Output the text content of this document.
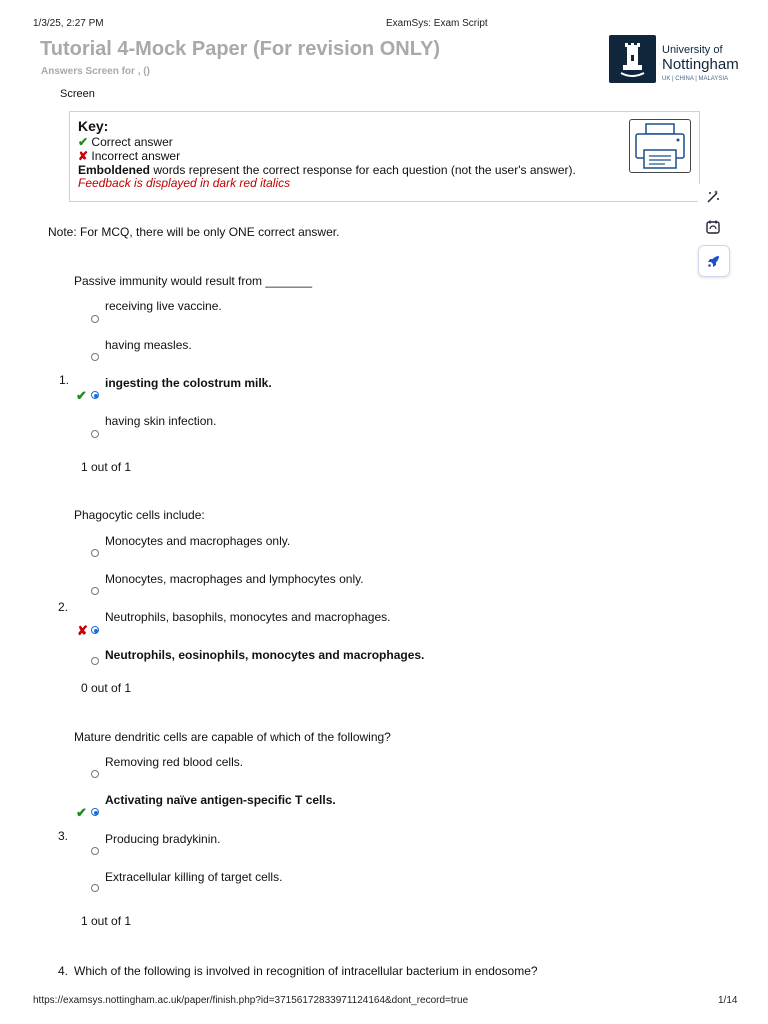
1/3/25, 2:27 PM	ExamSys: Exam Script
https://examsys.nottingham.ac.uk/paper/finish.php?id=37156172833971124164&dont_record=true	1/14
Tutorial 4-Mock Paper (For revision ONLY)
Answers Screen for , ()
Screen
University of
Nottingham
UK | CHINA | MALAYSIA
Key:
✔ Correct answer
✘ Incorrect answer
Emboldened words represent the correct response for each question (not the user's answer).
Feedback is displayed in dark red italics
Note: For MCQ, there will be only ONE correct answer.
Passive immunity would result from _______
1.
receiving live vaccine.
having measles.
ingesting the colostrum milk.
✔
having skin infection.
1 out of 1
Phagocytic cells include:
2.
Monocytes and macrophages only.
Monocytes, macrophages and lymphocytes only.
Neutrophils, basophils, monocytes and macrophages.
✘
Neutrophils, eosinophils, monocytes and macrophages.
0 out of 1
Mature dendritic cells are capable of which of the following?
3.
Removing red blood cells.
Activating naïve antigen-specific T cells.
✔
Producing bradykinin.
Extracellular killing of target cells.
1 out of 1
4. Which of the following is involved in recognition of intracellular bacterium in endosome?
